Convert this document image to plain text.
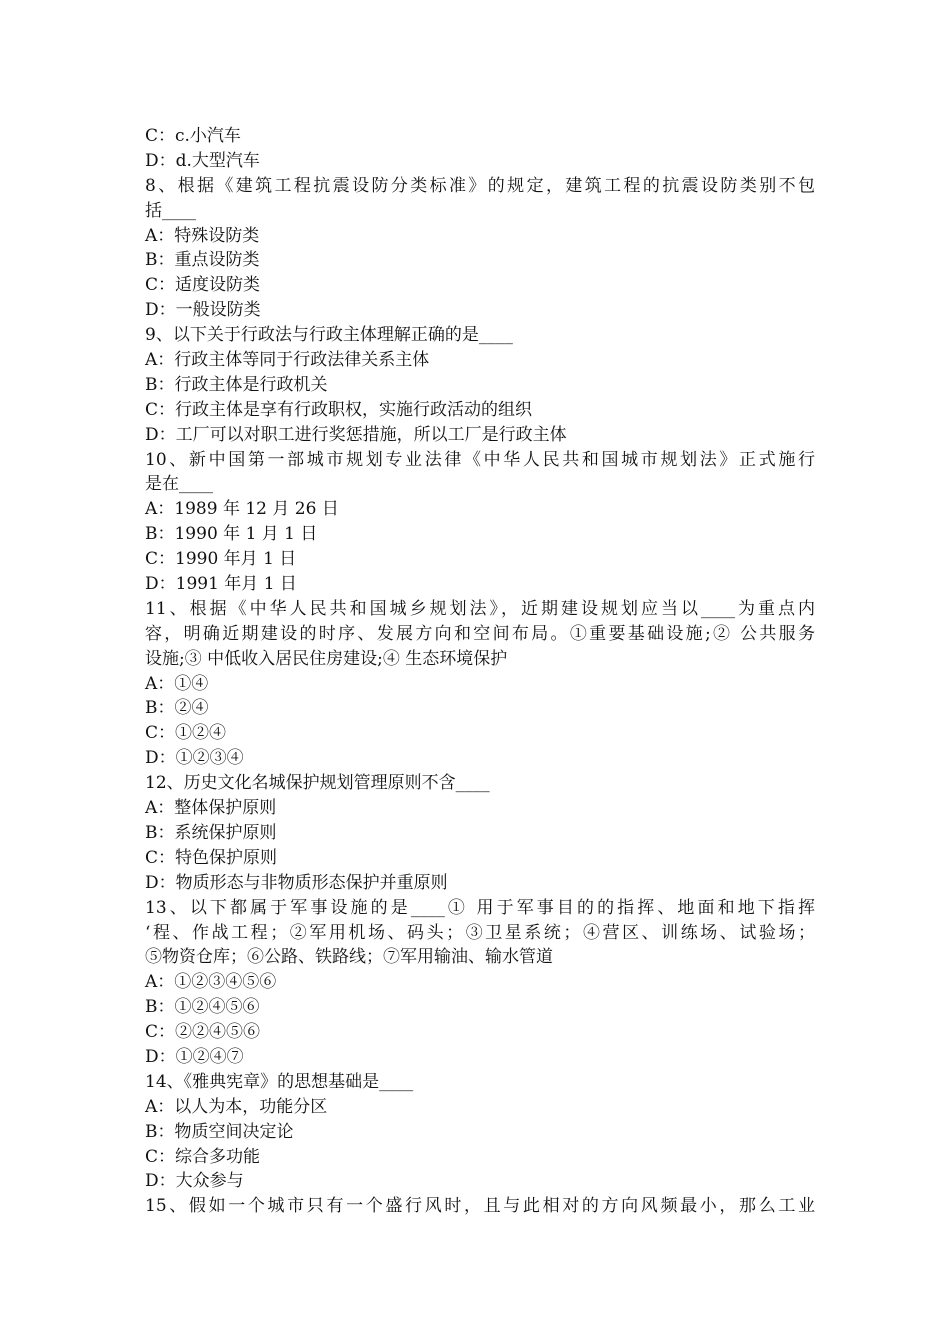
C：c.小汽车
D：d.大型汽车
8、根据《建筑工程抗震设防分类标准》的规定，建筑工程的抗震设防类别不包
括____
A：特殊设防类
B：重点设防类
C：适度设防类
D：一般设防类
9、以下关于行政法与行政主体理解正确的是____
A：行政主体等同于行政法律关系主体
B：行政主体是行政机关
C：行政主体是享有行政职权，实施行政活动的组织
D：工厂可以对职工进行奖惩措施，所以工厂是行政主体
10、新中国第一部城市规划专业法律《中华人民共和国城市规划法》正式施行
是在____
A：1989 年 12 月 26 日
B：1990 年 1 月 1 日
C：1990 年月 1 日
D：1991 年月 1 日
11、根据《中华人民共和国城乡规划法》，近期建设规划应当以____为重点内
容，明确近期建设的时序、发展方向和空间布局。①重要基础设施;② 公共服务
设施;③ 中低收入居民住房建设;④ 生态环境保护
A：①④
B：②④
C：①②④
D：①②③④
12、历史文化名城保护规划管理原则不含____
A：整体保护原则
B：系统保护原则
C：特色保护原则
D：物质形态与非物质形态保护并重原则
13、以下都属于军事设施的是____① 用于军事目的的指挥、地面和地下指挥
‘程、作战工程；②军用机场、码头；③卫星系统；④营区、训练场、试验场；
⑤物资仓库；⑥公路、铁路线；⑦军用输油、输水管道
A：①②③④⑤⑥
B：①②④⑤⑥
C：②②④⑤⑥
D：①②④⑦
14、《雅典宪章》的思想基础是____
A：以人为本，功能分区
B：物质空间决定论
C：综合多功能
D：大众参与
15、假如一个城市只有一个盛行风时，且与此相对的方向风频最小，那么工业
